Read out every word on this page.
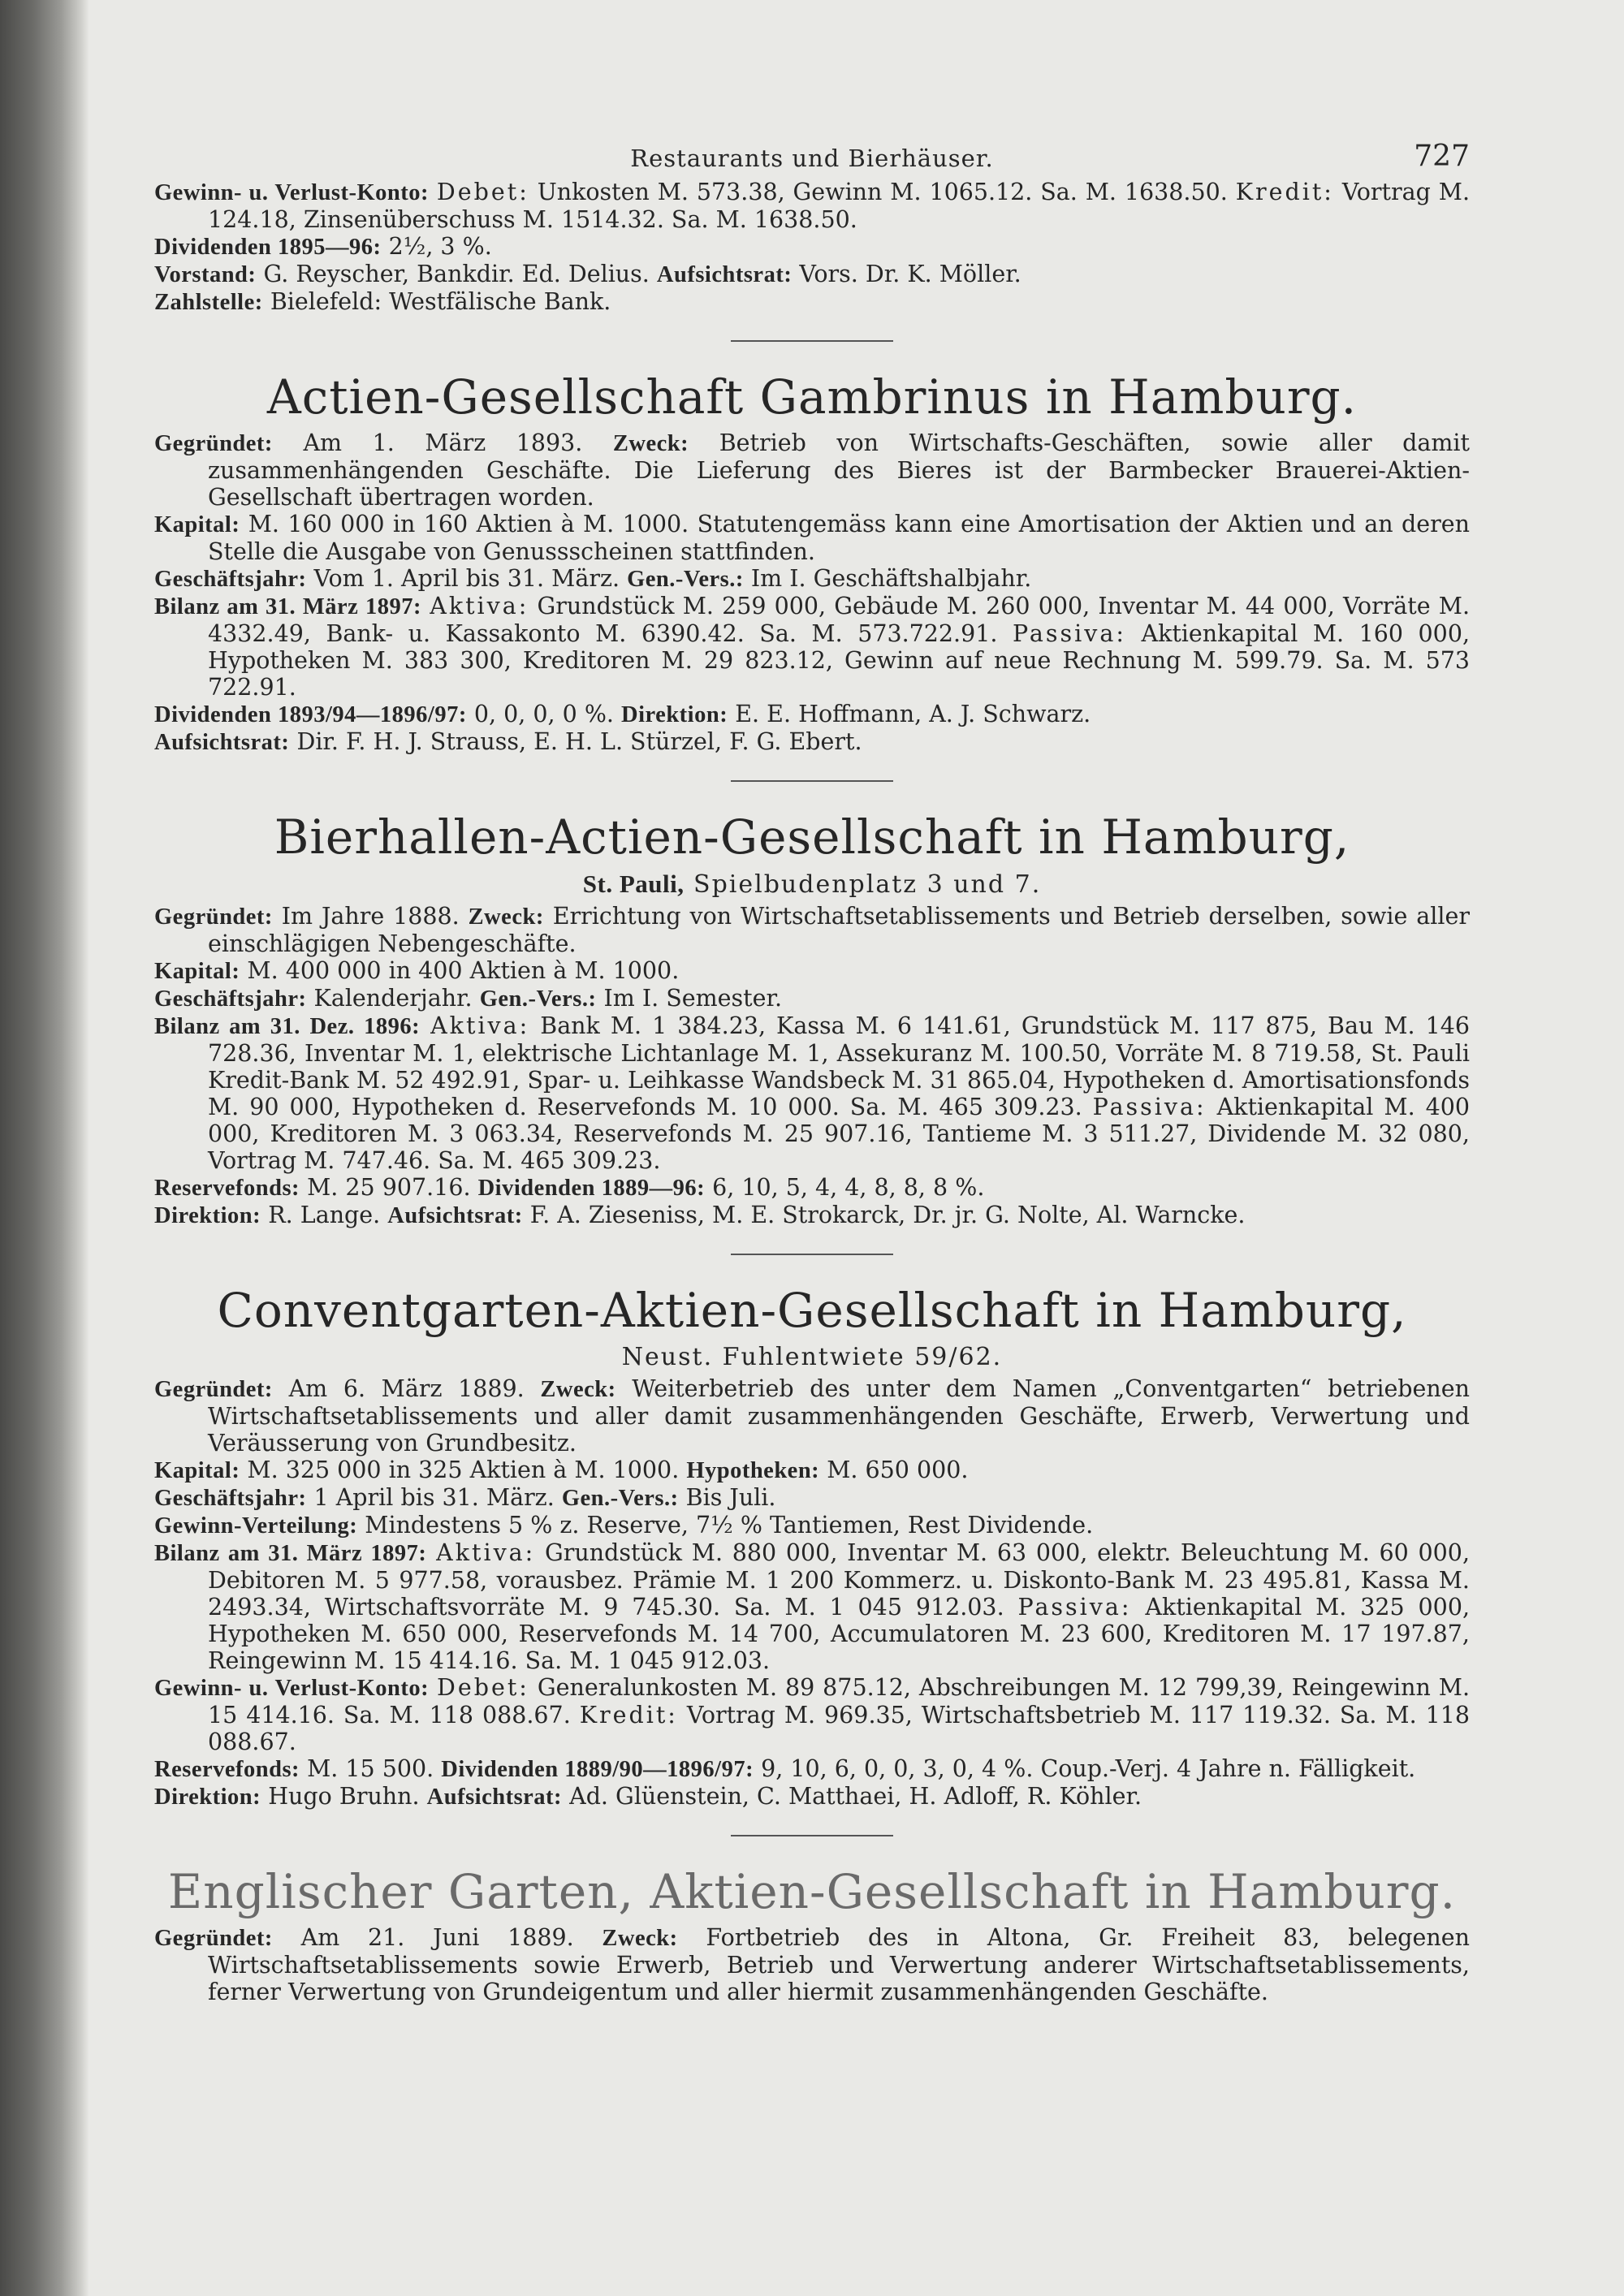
Restaurants und Bierhäuser.	727

Gewinn- u. Verlust-Konto: Debet: Unkosten M. 573.38, Gewinn M. 1065.12. Sa. M. 1638.50. Kredit: Vortrag M. 124.18, Zinsenüberschuss M. 1514.32. Sa. M. 1638.50.

Dividenden 1895—96: 2½, 3 %.

Vorstand: G. Reyscher, Bankdir. Ed. Delius. Aufsichtsrat: Vors. Dr. K. Möller.

Zahlstelle: Bielefeld: Westfälische Bank.

Actien-Gesellschaft Gambrinus in Hamburg.

Gegründet: Am 1. März 1893. Zweck: Betrieb von Wirtschafts-Geschäften, sowie aller damit zusammenhängenden Geschäfte. Die Lieferung des Bieres ist der Barmbecker Brauerei-Aktien-Gesellschaft übertragen worden.

Kapital: M. 160 000 in 160 Aktien à M. 1000. Statutengemäss kann eine Amortisation der Aktien und an deren Stelle die Ausgabe von Genussscheinen stattfinden.

Geschäftsjahr: Vom 1. April bis 31. März. Gen.-Vers.: Im I. Geschäftshalbjahr.

Bilanz am 31. März 1897: Aktiva: Grundstück M. 259 000, Gebäude M. 260 000, Inventar M. 44 000, Vorräte M. 4332.49, Bank- u. Kassakonto M. 6390.42. Sa. M. 573.722.91. Passiva: Aktienkapital M. 160 000, Hypotheken M. 383 300, Kreditoren M. 29 823.12, Gewinn auf neue Rechnung M. 599.79. Sa. M. 573 722.91.

Dividenden 1893/94—1896/97: 0, 0, 0, 0 %. Direktion: E. E. Hoffmann, A. J. Schwarz.

Aufsichtsrat: Dir. F. H. J. Strauss, E. H. L. Stürzel, F. G. Ebert.

Bierhallen-Actien-Gesellschaft in Hamburg,

St. Pauli, Spielbudenplatz 3 und 7.

Gegründet: Im Jahre 1888. Zweck: Errichtung von Wirtschaftsetablissements und Betrieb derselben, sowie aller einschlägigen Nebengeschäfte.

Kapital: M. 400 000 in 400 Aktien à M. 1000.

Geschäftsjahr: Kalenderjahr. Gen.-Vers.: Im I. Semester.

Bilanz am 31. Dez. 1896: Aktiva: Bank M. 1 384.23, Kassa M. 6 141.61, Grundstück M. 117 875, Bau M. 146 728.36, Inventar M. 1, elektrische Lichtanlage M. 1, Assekuranz M. 100.50, Vorräte M. 8 719.58, St. Pauli Kredit-Bank M. 52 492.91, Spar- u. Leihkasse Wandsbeck M. 31 865.04, Hypotheken d. Amortisationsfonds M. 90 000, Hypotheken d. Reservefonds M. 10 000. Sa. M. 465 309.23. Passiva: Aktienkapital M. 400 000, Kreditoren M. 3 063.34, Reservefonds M. 25 907.16, Tantieme M. 3 511.27, Dividende M. 32 080, Vortrag M. 747.46. Sa. M. 465 309.23.

Reservefonds: M. 25 907.16. Dividenden 1889—96: 6, 10, 5, 4, 4, 8, 8, 8 %.

Direktion: R. Lange. Aufsichtsrat: F. A. Zieseniss, M. E. Strokarck, Dr. jr. G. Nolte, Al. Warncke.

Conventgarten-Aktien-Gesellschaft in Hamburg,

Neust. Fuhlentwiete 59/62.

Gegründet: Am 6. März 1889. Zweck: Weiterbetrieb des unter dem Namen „Conventgarten“ betriebenen Wirtschaftsetablissements und aller damit zusammenhängenden Geschäfte, Erwerb, Verwertung und Veräusserung von Grundbesitz.

Kapital: M. 325 000 in 325 Aktien à M. 1000. Hypotheken: M. 650 000.

Geschäftsjahr: 1 April bis 31. März. Gen.-Vers.: Bis Juli.

Gewinn-Verteilung: Mindestens 5 % z. Reserve, 7½ % Tantiemen, Rest Dividende.

Bilanz am 31. März 1897: Aktiva: Grundstück M. 880 000, Inventar M. 63 000, elektr. Beleuchtung M. 60 000, Debitoren M. 5 977.58, vorausbez. Prämie M. 1 200 Kommerz. u. Diskonto-Bank M. 23 495.81, Kassa M. 2493.34, Wirtschaftsvorräte M. 9 745.30. Sa. M. 1 045 912.03. Passiva: Aktienkapital M. 325 000, Hypotheken M. 650 000, Reservefonds M. 14 700, Accumulatoren M. 23 600, Kreditoren M. 17 197.87, Reingewinn M. 15 414.16. Sa. M. 1 045 912.03.

Gewinn- u. Verlust-Konto: Debet: Generalunkosten M. 89 875.12, Abschreibungen M. 12 799,39, Reingewinn M. 15 414.16. Sa. M. 118 088.67. Kredit: Vortrag M. 969.35, Wirtschaftsbetrieb M. 117 119.32. Sa. M. 118 088.67.

Reservefonds: M. 15 500. Dividenden 1889/90—1896/97: 9, 10, 6, 0, 0, 3, 0, 4 %. Coup.-Verj. 4 Jahre n. Fälligkeit.

Direktion: Hugo Bruhn. Aufsichtsrat: Ad. Glüenstein, C. Matthaei, H. Adloff, R. Köhler.

Englischer Garten, Aktien-Gesellschaft in Hamburg.

Gegründet: Am 21. Juni 1889. Zweck: Fortbetrieb des in Altona, Gr. Freiheit 83, belegenen Wirtschaftsetablissements sowie Erwerb, Betrieb und Verwertung anderer Wirtschaftsetablissements, ferner Verwertung von Grundeigentum und aller hiermit zusammenhängenden Geschäfte.
